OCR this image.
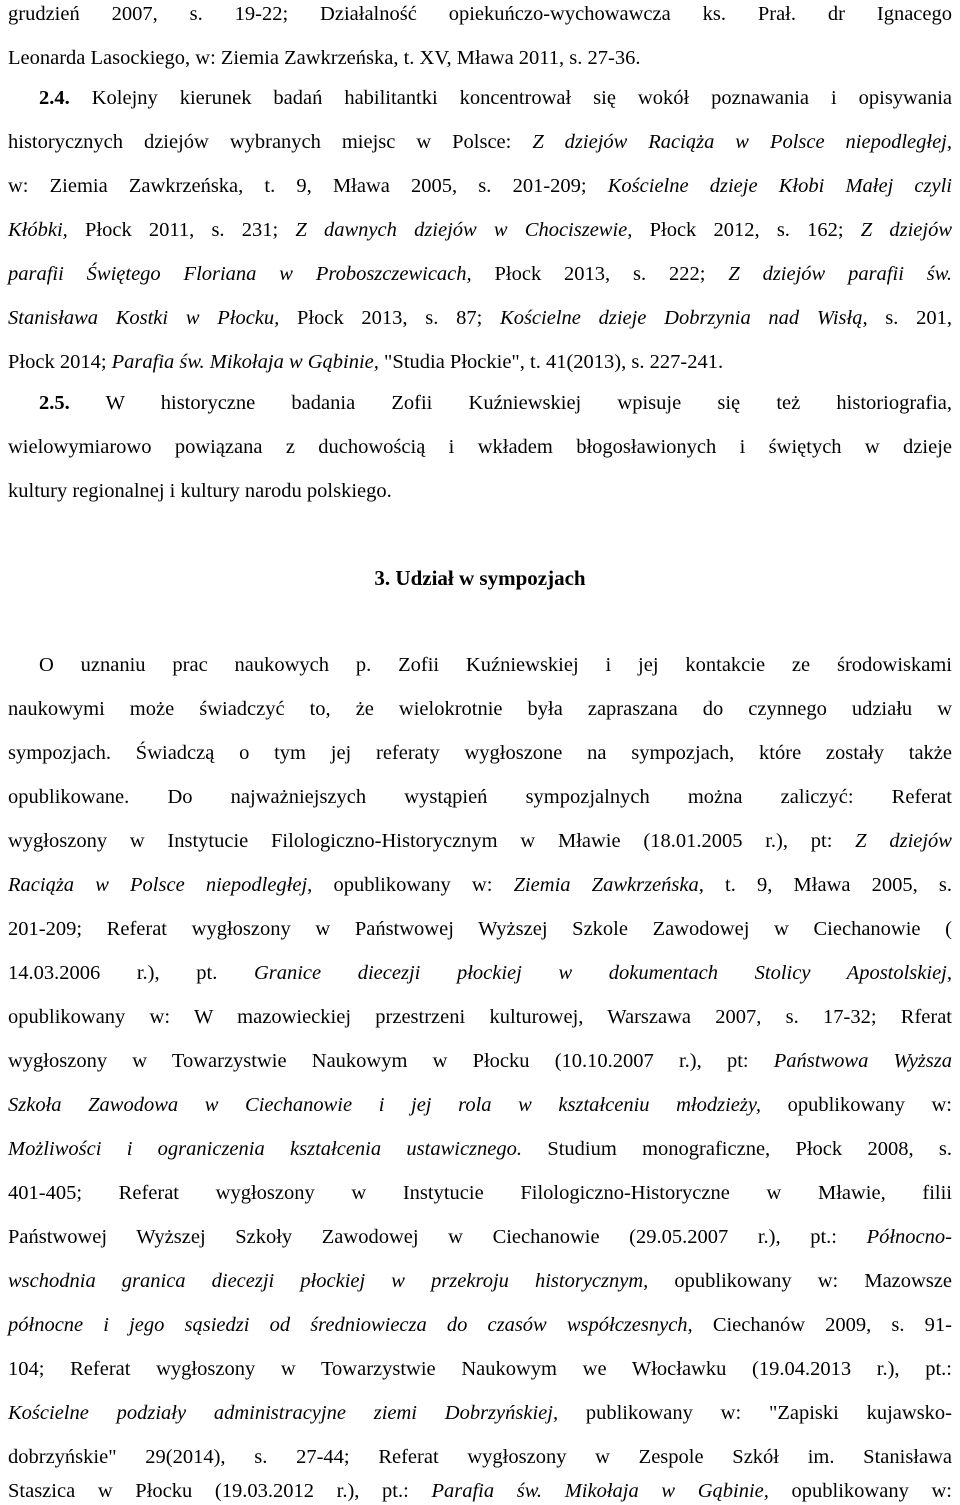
grudzień 2007, s. 19-22; Działalność opiekuńczo-wychowawcza ks. Prał. dr Ignacego
Leonarda Lasockiego, w: Ziemia Zawkrzeńska, t. XV, Mława 2011, s. 27-36.
2.4. Kolejny kierunek badań habilitantki koncentrował się wokół poznawania i opisywania
historycznych dziejów wybranych miejsc w Polsce: Z dziejów Raciąża w Polsce niepodległej,
w: Ziemia Zawkrzeńska, t. 9, Mława 2005, s. 201-209; Kościelne dzieje Kłobi Małej czyli
Kłóbki, Płock 2011, s. 231; Z dawnych dziejów w Chociszewie, Płock 2012, s. 162; Z dziejów
parafii Świętego Floriana w Proboszczewicach, Płock 2013, s. 222; Z dziejów parafii św.
Stanisława Kostki w Płocku, Płock 2013, s. 87; Kościelne dzieje Dobrzynia nad Wisłą, s. 201,
Płock 2014; Parafia św. Mikołaja w Gąbinie, "Studia Płockie", t. 41(2013), s. 227-241.
2.5. W historyczne badania Zofii Kuźniewskiej wpisuje się też historiografia,
wielowymiarowo powiązana z duchowością i wkładem błogosławionych i świętych w dzieje
kultury regionalnej i kultury narodu polskiego.
3. Udział w sympozjach
O uznaniu prac naukowych p. Zofii Kuźniewskiej i jej kontakcie ze środowiskami
naukowymi może świadczyć to, że wielokrotnie była zapraszana do czynnego udziału w
sympozjach. Świadczą o tym jej referaty wygłoszone na sympozjach, które zostały także
opublikowane. Do najważniejszych wystąpień sympozjalnych można zaliczyć: Referat
wygłoszony w Instytucie Filologiczno-Historycznym w Mławie (18.01.2005 r.), pt: Z dziejów
Raciąża w Polsce niepodległej, opublikowany w: Ziemia Zawkrzeńska, t. 9, Mława 2005, s.
201-209; Referat wygłoszony w Państwowej Wyższej Szkole Zawodowej w Ciechanowie (
14.03.2006 r.), pt. Granice diecezji płockiej w dokumentach Stolicy Apostolskiej,
opublikowany w: W mazowieckiej przestrzeni kulturowej, Warszawa 2007, s. 17-32; Rferat
wygłoszony w Towarzystwie Naukowym w Płocku (10.10.2007 r.), pt: Państwowa Wyższa
Szkoła Zawodowa w Ciechanowie i jej rola w kształceniu młodzieży, opublikowany w:
Możliwości i ograniczenia kształcenia ustawicznego. Studium monograficzne, Płock 2008, s.
401-405; Referat wygłoszony w Instytucie Filologiczno-Historyczne w Mławie, filii
Państwowej Wyższej Szkoły Zawodowej w Ciechanowie (29.05.2007 r.), pt.: Północno-
wschodnia granica diecezji płockiej w przekroju historycznym, opublikowany w: Mazowsze
północne i jego sąsiedzi od średniowiecza do czasów współczesnych, Ciechanów 2009, s. 91-
104; Referat wygłoszony w Towarzystwie Naukowym we Włocławku (19.04.2013 r.), pt.:
Kościelne podziały administracyjne ziemi Dobrzyńskiej, publikowany w: "Zapiski kujawsko-
dobrzyńskie" 29(2014), s. 27-44; Referat wygłoszony w Zespole Szkół im. Stanisława
Staszica w Płocku (19.03.2012 r.), pt.: Parafia św. Mikołaja w Gąbinie, opublikowany w:
